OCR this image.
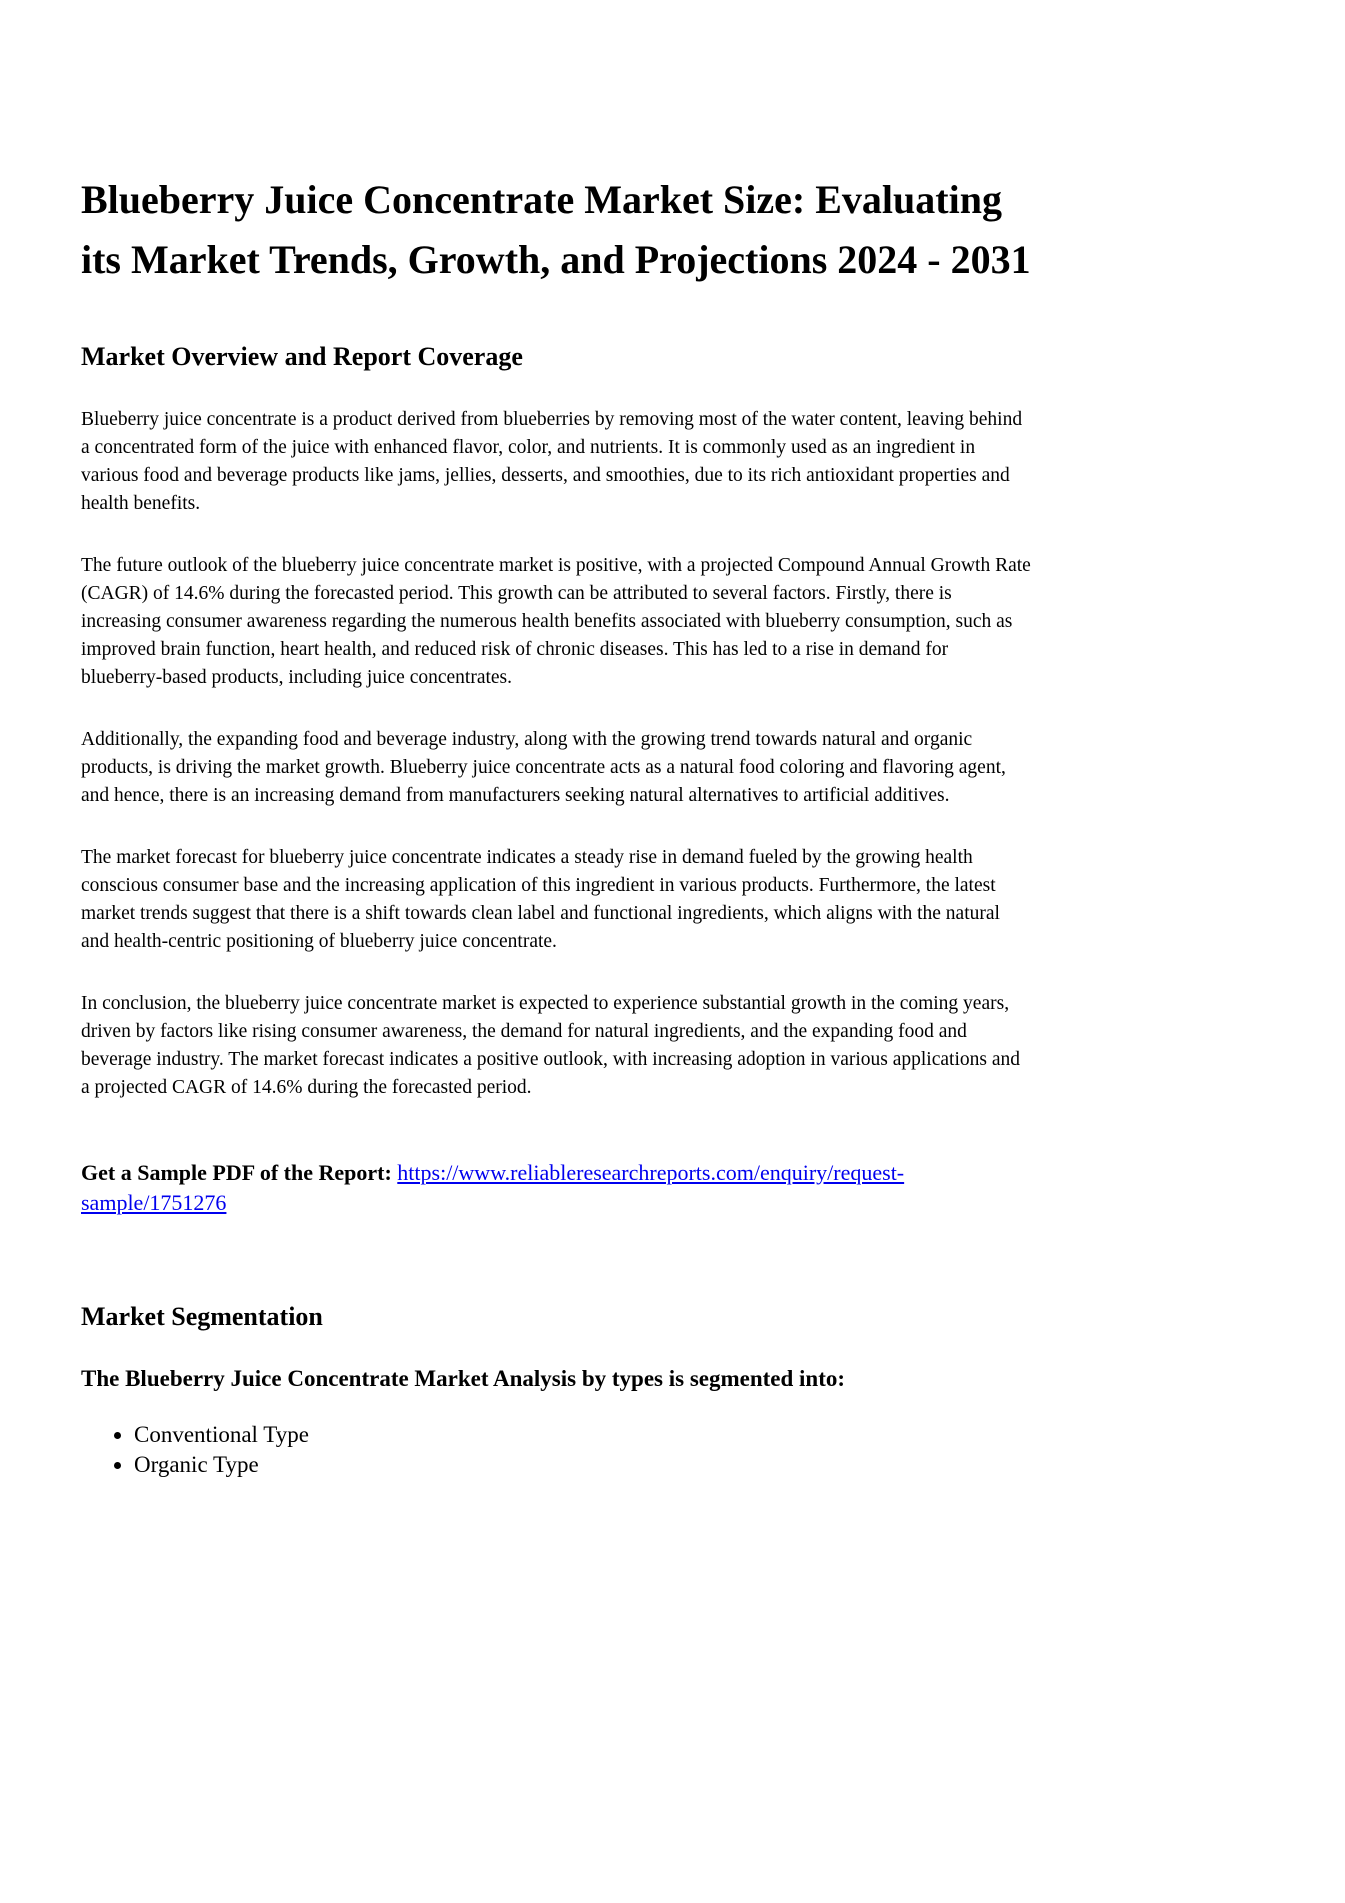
Blueberry Juice Concentrate Market Size: Evaluating its Market Trends, Growth, and Projections 2024 - 2031
Market Overview and Report Coverage

Blueberry juice concentrate is a product derived from blueberries by removing most of the water content, leaving behind a concentrated form of the juice with enhanced flavor, color, and nutrients. It is commonly used as an ingredient in various food and beverage products like jams, jellies, desserts, and smoothies, due to its rich antioxidant properties and health benefits.

The future outlook of the blueberry juice concentrate market is positive, with a projected Compound Annual Growth Rate (CAGR) of 14.6% during the forecasted period. This growth can be attributed to several factors. Firstly, there is increasing consumer awareness regarding the numerous health benefits associated with blueberry consumption, such as improved brain function, heart health, and reduced risk of chronic diseases. This has led to a rise in demand for blueberry-based products, including juice concentrates.

Additionally, the expanding food and beverage industry, along with the growing trend towards natural and organic products, is driving the market growth. Blueberry juice concentrate acts as a natural food coloring and flavoring agent, and hence, there is an increasing demand from manufacturers seeking natural alternatives to artificial additives.

The market forecast for blueberry juice concentrate indicates a steady rise in demand fueled by the growing health conscious consumer base and the increasing application of this ingredient in various products. Furthermore, the latest market trends suggest that there is a shift towards clean label and functional ingredients, which aligns with the natural and health-centric positioning of blueberry juice concentrate.

In conclusion, the blueberry juice concentrate market is expected to experience substantial growth in the coming years, driven by factors like rising consumer awareness, the demand for natural ingredients, and the expanding food and beverage industry. The market forecast indicates a positive outlook, with increasing adoption in various applications and a projected CAGR of 14.6% during the forecasted period.

Get a Sample PDF of the Report: https://www.reliableresearchreports.com/enquiry/request-sample/1751276

Market Segmentation

The Blueberry Juice Concentrate Market Analysis by types is segmented into:

• Conventional Type
• Organic Type
